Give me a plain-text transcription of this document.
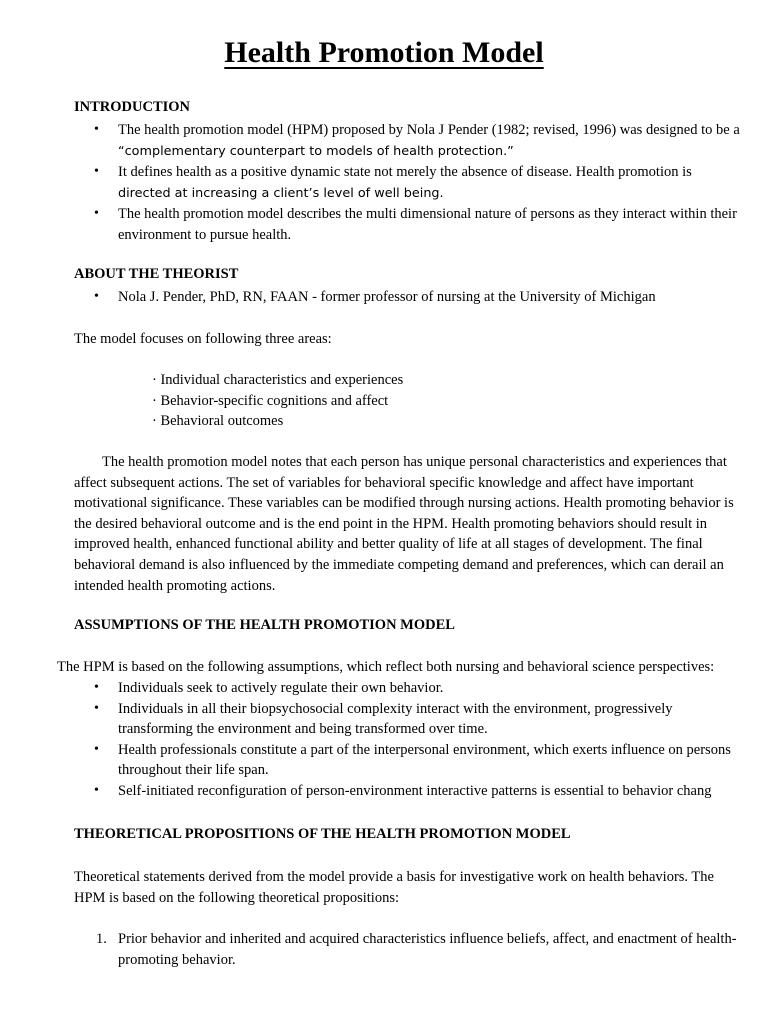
Health Promotion Model
INTRODUCTION
• The health promotion model (HPM) proposed by Nola J Pender (1982; revised, 1996) was designed to be a “complementary counterpart to models of health protection.”
• It defines health as a positive dynamic state not merely the absence of disease. Health promotion is directed at increasing a client’s level of well being.
• The health promotion model describes the multi dimensional nature of persons as they interact within their environment to pursue health.
ABOUT THE THEORIST
• Nola J. Pender, PhD, RN, FAAN - former professor of nursing at the University of Michigan

The model focuses on following three areas:

· Individual characteristics and experiences
· Behavior-specific cognitions and affect
· Behavioral outcomes

The health promotion model notes that each person has unique personal characteristics and experiences that affect subsequent actions. The set of variables for behavioral specific knowledge and affect have important motivational significance. These variables can be modified through nursing actions. Health promoting behavior is the desired behavioral outcome and is the end point in the HPM. Health promoting behaviors should result in improved health, enhanced functional ability and better quality of life at all stages of development. The final behavioral demand is also influenced by the immediate competing demand and preferences, which can derail an intended health promoting actions.

ASSUMPTIONS OF THE HEALTH PROMOTION MODEL

The HPM is based on the following assumptions, which reflect both nursing and behavioral science perspectives:

• Individuals seek to actively regulate their own behavior.
• Individuals in all their biopsychosocial complexity interact with the environment, progressively transforming the environment and being transformed over time.
• Health professionals constitute a part of the interpersonal environment, which exerts influence on persons throughout their life span.
• Self-initiated reconfiguration of person-environment interactive patterns is essential to behavior chang
THEORETICAL PROPOSITIONS OF THE HEALTH PROMOTION MODEL

Theoretical statements derived from the model provide a basis for investigative work on health behaviors. The HPM is based on the following theoretical propositions:

1. Prior behavior and inherited and acquired characteristics influence beliefs, affect, and enactment of health-promoting behavior.
